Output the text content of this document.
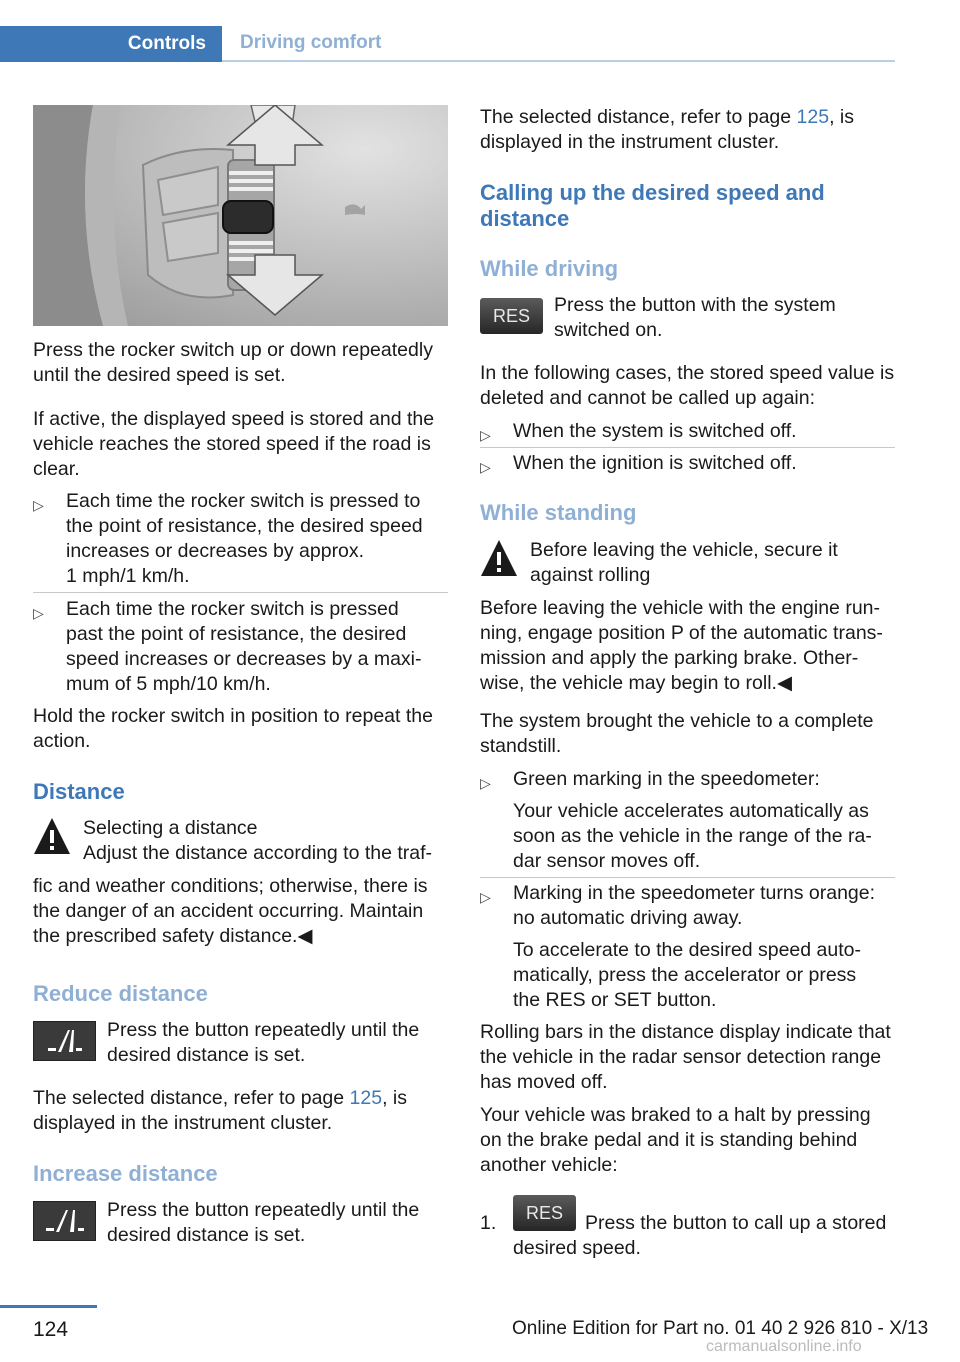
Controls	Driving comfort

Press the rocker switch up or down repeatedly until the desired speed is set.

If active, the displayed speed is stored and the vehicle reaches the stored speed if the road is clear.

▷ Each time the rocker switch is pressed to

the point of resistance, the desired speed

increases or decreases by approx.

1 mph/1 km/h.

▷ Each time the rocker switch is pressed

past the point of resistance, the desired

speed increases or decreases by a maxi‐

mum of 5 mph/10 km/h.

Hold the rocker switch in position to repeat the action.

Distance

Selecting a distance

Adjust the distance according to the traf‐

fic and weather conditions; otherwise, there is the danger of an accident occurring. Maintain the prescribed safety distance.◀

Reduce distance

Press the button repeatedly until the desired distance is set.

The selected distance, refer to page 125, is displayed in the instrument cluster.

Increase distance

Press the button repeatedly until the desired distance is set.

The selected distance, refer to page 125, is displayed in the instrument cluster.

Calling up the desired speed and distance

While driving

RES	Press the button with the system switched on.

In the following cases, the stored speed value is deleted and cannot be called up again:

▷ When the system is switched off.

▷ When the ignition is switched off.

While standing

Before leaving the vehicle, secure it against rolling

Before leaving the vehicle with the engine run‐ ning, engage position P of the automatic trans‐ mission and apply the parking brake. Other‐ wise, the vehicle may begin to roll.◀

The system brought the vehicle to a complete standstill.

▷ Green marking in the speedometer:

Your vehicle accelerates automatically as soon as the vehicle in the range of the ra‐ dar sensor moves off.

▷ Marking in the speedometer turns orange: no automatic driving away.

To accelerate to the desired speed auto‐ matically, press the accelerator or press the RES or SET button.

Rolling bars in the distance display indicate that the vehicle in the radar sensor detection range has moved off.

Your vehicle was braked to a halt by pressing on the brake pedal and it is standing behind another vehicle:

1.	RES	Press the button to call up a stored desired speed.

124	Online Edition for Part no. 01 40 2 926 810 - X/13
carmanualsonline.info
